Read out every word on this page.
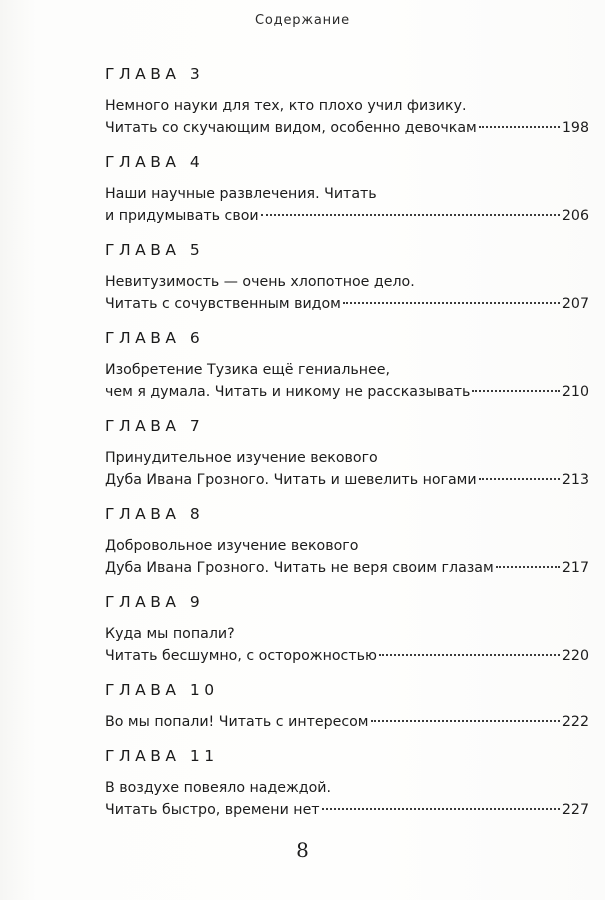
Содержание
ГЛАВА 3
Немного науки для тех, кто плохо учил физику.
Читать со скучающим видом, особенно девочкам	198
ГЛАВА 4
Наши научные развлечения. Читать
и придумывать свои	206
ГЛАВА 5
Невитузимость — очень хлопотное дело.
Читать с сочувственным видом	207
ГЛАВА 6
Изобретение Тузика ещё гениальнее,
чем я думала. Читать и никому не рассказывать	210
ГЛАВА 7
Принудительное изучение векового
Дуба Ивана Грозного. Читать и шевелить ногами	213
ГЛАВА 8
Добровольное изучение векового
Дуба Ивана Грозного. Читать не веря своим глазам	217
ГЛАВА 9
Куда мы попали?
Читать бесшумно, с осторожностью	220
ГЛАВА 10
Во мы попали! Читать с интересом	222
ГЛАВА 11
В воздухе повеяло надеждой.
Читать быстро, времени нет	227
8
